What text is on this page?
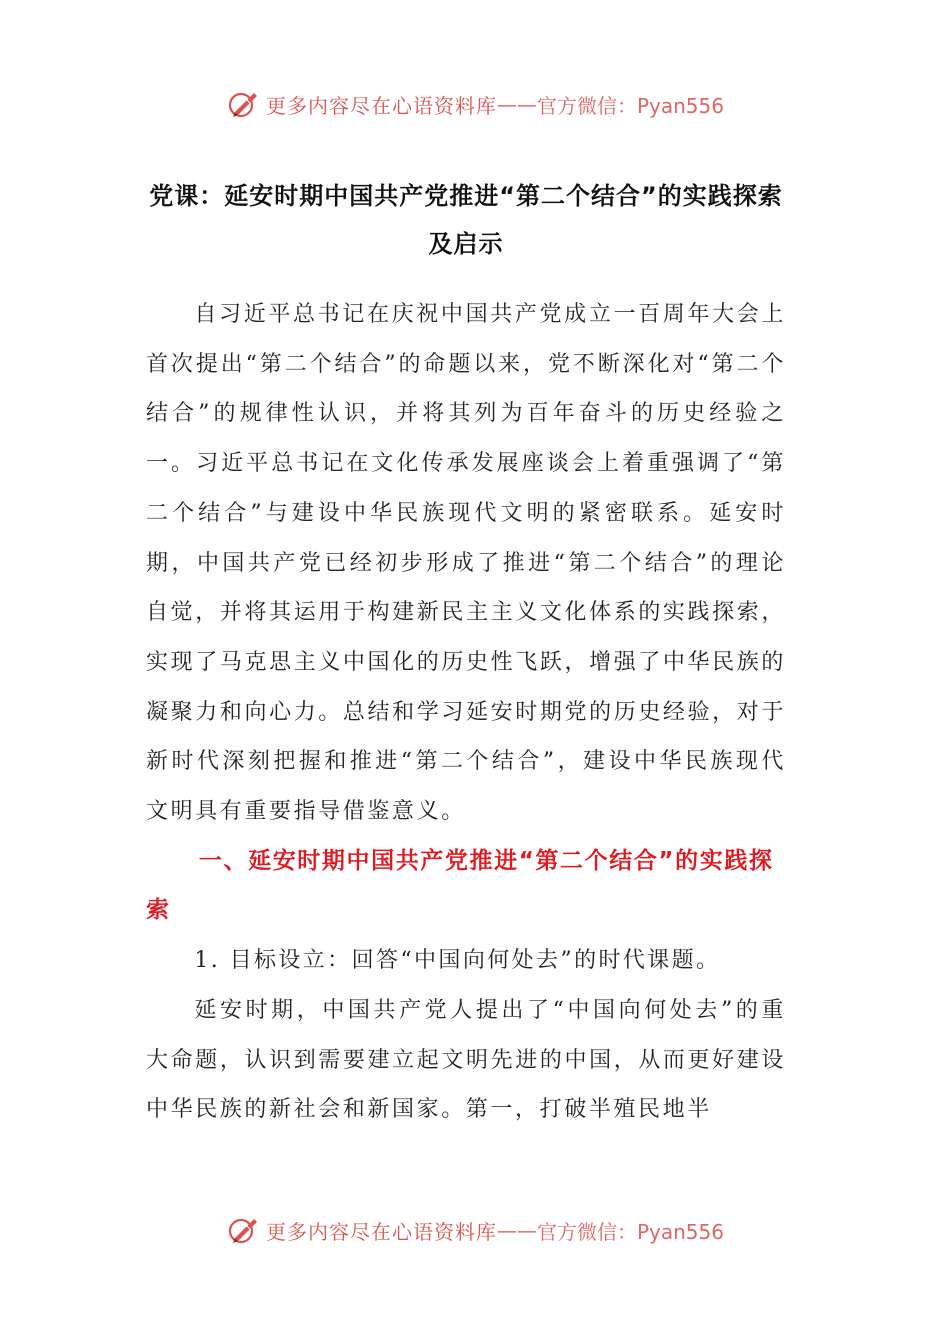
更多内容尽在心语资料库 —— 官方微信：Pyan556
党课：延安时期中国共产党推进“第二个结合”的实践探索及启示

自习近平总书记在庆祝中国共产党成立一百周年大会上首次提出“第二个结合”的命题以来，党不断深化对“第二个结合”的规律性认识，并将其列为百年奋斗的历史经验之一。习近平总书记在文化传承发展座谈会上着重强调了“第二个结合”与建设中华民族现代文明的紧密联系。延安时期，中国共产党已经初步形成了推进“第二个结合”的理论自觉，并将其运用于构建新民主主义文化体系的实践探索，实现了马克思主义中国化的历史性飞跃，增强了中华民族的凝聚力和向心力。总结和学习延安时期党的历史经验，对于新时代深刻把握和推进“第二个结合”，建设中华民族现代文明具有重要指导借鉴意义。

一、延安时期中国共产党推进“第二个结合”的实践探索

1. 目标设立：回答“中国向何处去”的时代课题。

延安时期，中国共产党人提出了“中国向何处去”的重大命题，认识到需要建立起文明先进的中国，从而更好建设中华民族的新社会和新国家。第一，打破半殖民地半

更多内容尽在心语资料库 —— 官方微信：Pyan556
